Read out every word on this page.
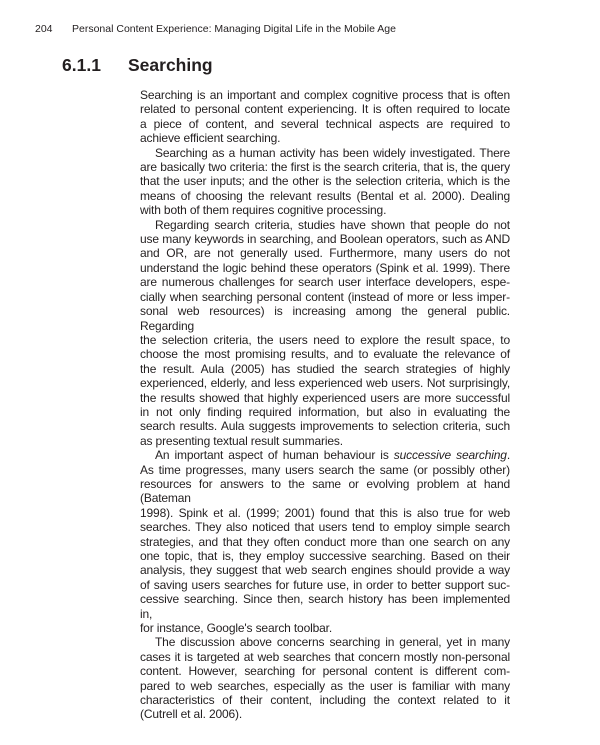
204 Personal Content Experience: Managing Digital Life in the Mobile Age
6.1.1 Searching
Searching is an important and complex cognitive process that is often
related to personal content experiencing. It is often required to locate
a piece of content, and several technical aspects are required to
achieve efficient searching.
Searching as a human activity has been widely investigated. There
are basically two criteria: the first is the search criteria, that is, the query
that the user inputs; and the other is the selection criteria, which is the
means of choosing the relevant results (Bental et al. 2000). Dealing
with both of them requires cognitive processing.
Regarding search criteria, studies have shown that people do not
use many keywords in searching, and Boolean operators, such as AND
and OR, are not generally used. Furthermore, many users do not
understand the logic behind these operators (Spink et al. 1999). There
are numerous challenges for search user interface developers, espe-
cially when searching personal content (instead of more or less imper-
sonal web resources) is increasing among the general public. Regarding
the selection criteria, the users need to explore the result space, to
choose the most promising results, and to evaluate the relevance of
the result. Aula (2005) has studied the search strategies of highly
experienced, elderly, and less experienced web users. Not surprisingly,
the results showed that highly experienced users are more successful
in not only finding required information, but also in evaluating the
search results. Aula suggests improvements to selection criteria, such
as presenting textual result summaries.
An important aspect of human behaviour is successive searching.
As time progresses, many users search the same (or possibly other)
resources for answers to the same or evolving problem at hand (Bateman
1998). Spink et al. (1999; 2001) found that this is also true for web
searches. They also noticed that users tend to employ simple search
strategies, and that they often conduct more than one search on any
one topic, that is, they employ successive searching. Based on their
analysis, they suggest that web search engines should provide a way
of saving users searches for future use, in order to better support suc-
cessive searching. Since then, search history has been implemented in,
for instance, Google's search toolbar.
The discussion above concerns searching in general, yet in many
cases it is targeted at web searches that concern mostly non-personal
content. However, searching for personal content is different com-
pared to web searches, especially as the user is familiar with many
characteristics of their content, including the context related to it
(Cutrell et al. 2006).
